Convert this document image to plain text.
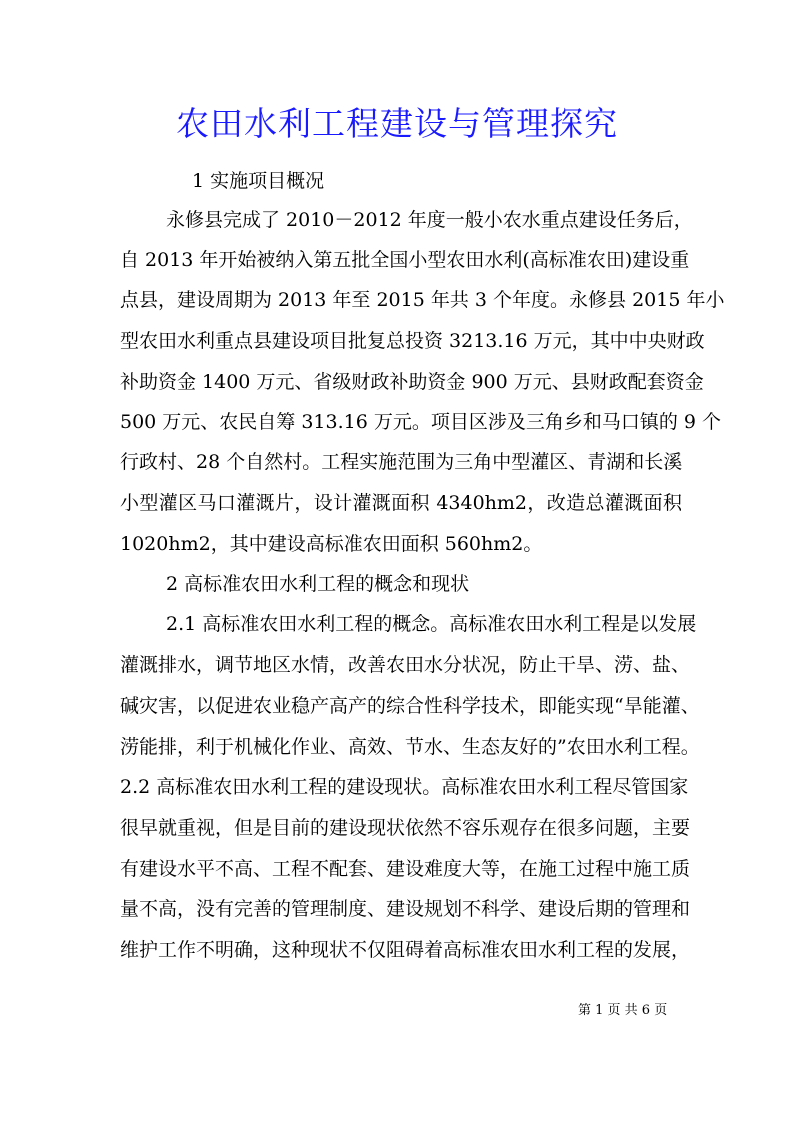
农田水利工程建设与管理探究
1 实施项目概况
永修县完成了 2010－2012 年度一般小农水重点建设任务后，
自 2013 年开始被纳入第五批全国小型农田水利(高标准农田)建设重
点县，建设周期为 2013 年至 2015 年共 3 个年度。永修县 2015 年小
型农田水利重点县建设项目批复总投资 3213.16 万元，其中中央财政
补助资金 1400 万元、省级财政补助资金 900 万元、县财政配套资金
500 万元、农民自筹 313.16 万元。项目区涉及三角乡和马口镇的 9 个
行政村、28 个自然村。工程实施范围为三角中型灌区、青湖和长溪
小型灌区马口灌溉片，设计灌溉面积 4340hm2，改造总灌溉面积
1020hm2，其中建设高标准农田面积 560hm2。
2 高标准农田水利工程的概念和现状
2.1 高标准农田水利工程的概念。高标准农田水利工程是以发展
灌溉排水，调节地区水情，改善农田水分状况，防止干旱、涝、盐、
碱灾害，以促进农业稳产高产的综合性科学技术，即能实现“旱能灌、
涝能排，利于机械化作业、高效、节水、生态友好的”农田水利工程。
2.2 高标准农田水利工程的建设现状。高标准农田水利工程尽管国家
很早就重视，但是目前的建设现状依然不容乐观存在很多问题，主要
有建设水平不高、工程不配套、建设难度大等，在施工过程中施工质
量不高，没有完善的管理制度、建设规划不科学、建设后期的管理和
维护工作不明确，这种现状不仅阻碍着高标准农田水利工程的发展，
第 1 页 共 6 页
